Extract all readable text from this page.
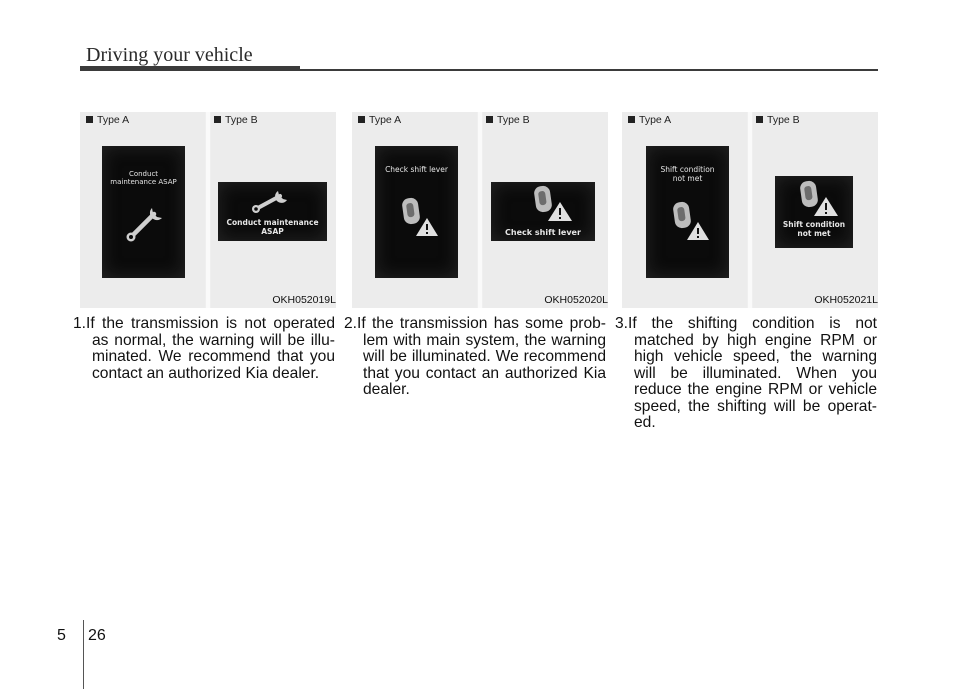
Driving your vehicle
Type A	Type B
Conduct
maintenance ASAP
Conduct maintenance
ASAP
OKH052019L
Type A	Type B
Check shift lever
Check shift lever
OKH052020L
Type A	Type B
Shift condition
not met
Shift condition
not met
OKH052021L

1.If the transmission is not operated as normal, the warning will be illu-minated. We recommend that you contact an authorized Kia dealer.

2.If the transmission has some prob-lem with main system, the warning will be illuminated. We recommend that you contact an authorized Kia dealer.

3.If the shifting condition is not matched by high engine RPM or high vehicle speed, the warning will be illuminated. When you reduce the engine RPM or vehicle speed, the shifting will be operat-ed.

5 26
